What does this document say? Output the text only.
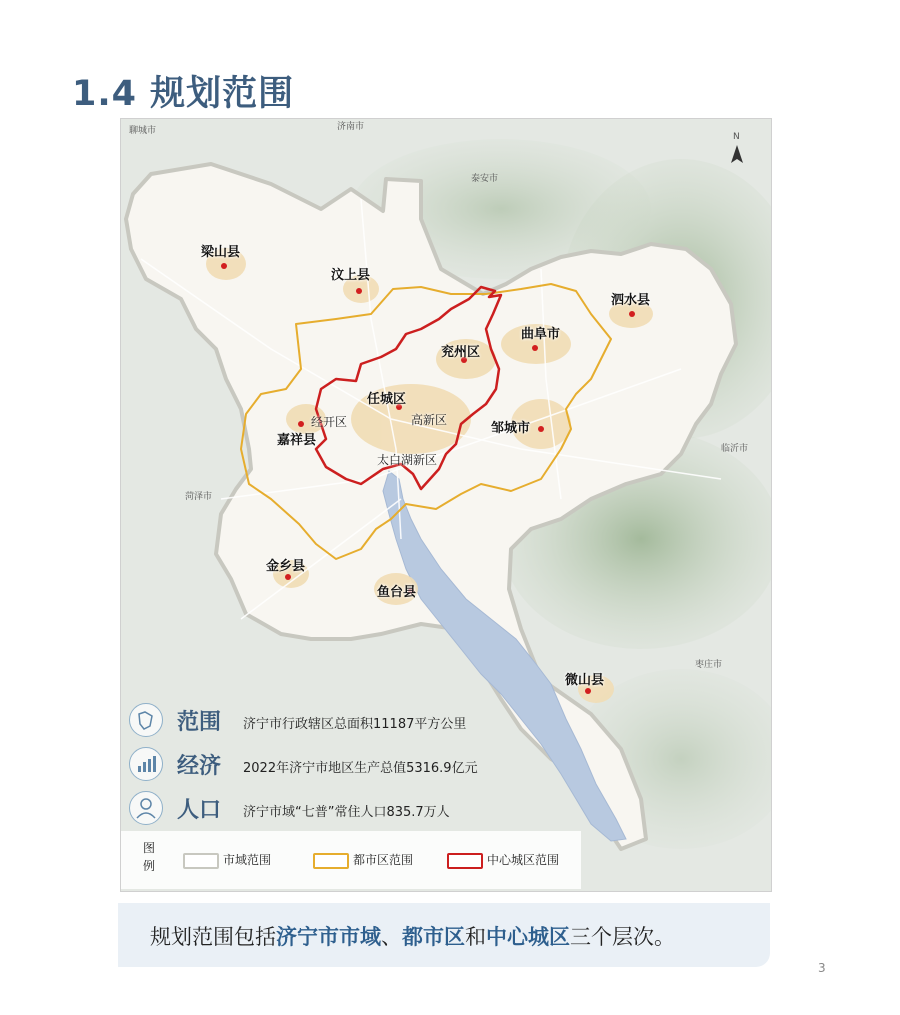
1.4 规划范围
N
聊城市	济南市
泰安市
菏泽市
临沂市
枣庄市
梁山县
汶上县
泗水县
曲阜市
兖州区
任城区
嘉祥县
邹城市
金乡县
鱼台县
微山县
经开区	高新区
太白湖新区
范围 济宁市行政辖区总面积11187平方公里
经济 2022年济宁市地区生产总值5316.9亿元
人口 济宁市域“七普”常住人口835.7万人
图例	市域范围	都市区范围	中心城区范围
规划范围包括济宁市市域、都市区和中心城区三个层次。
3
